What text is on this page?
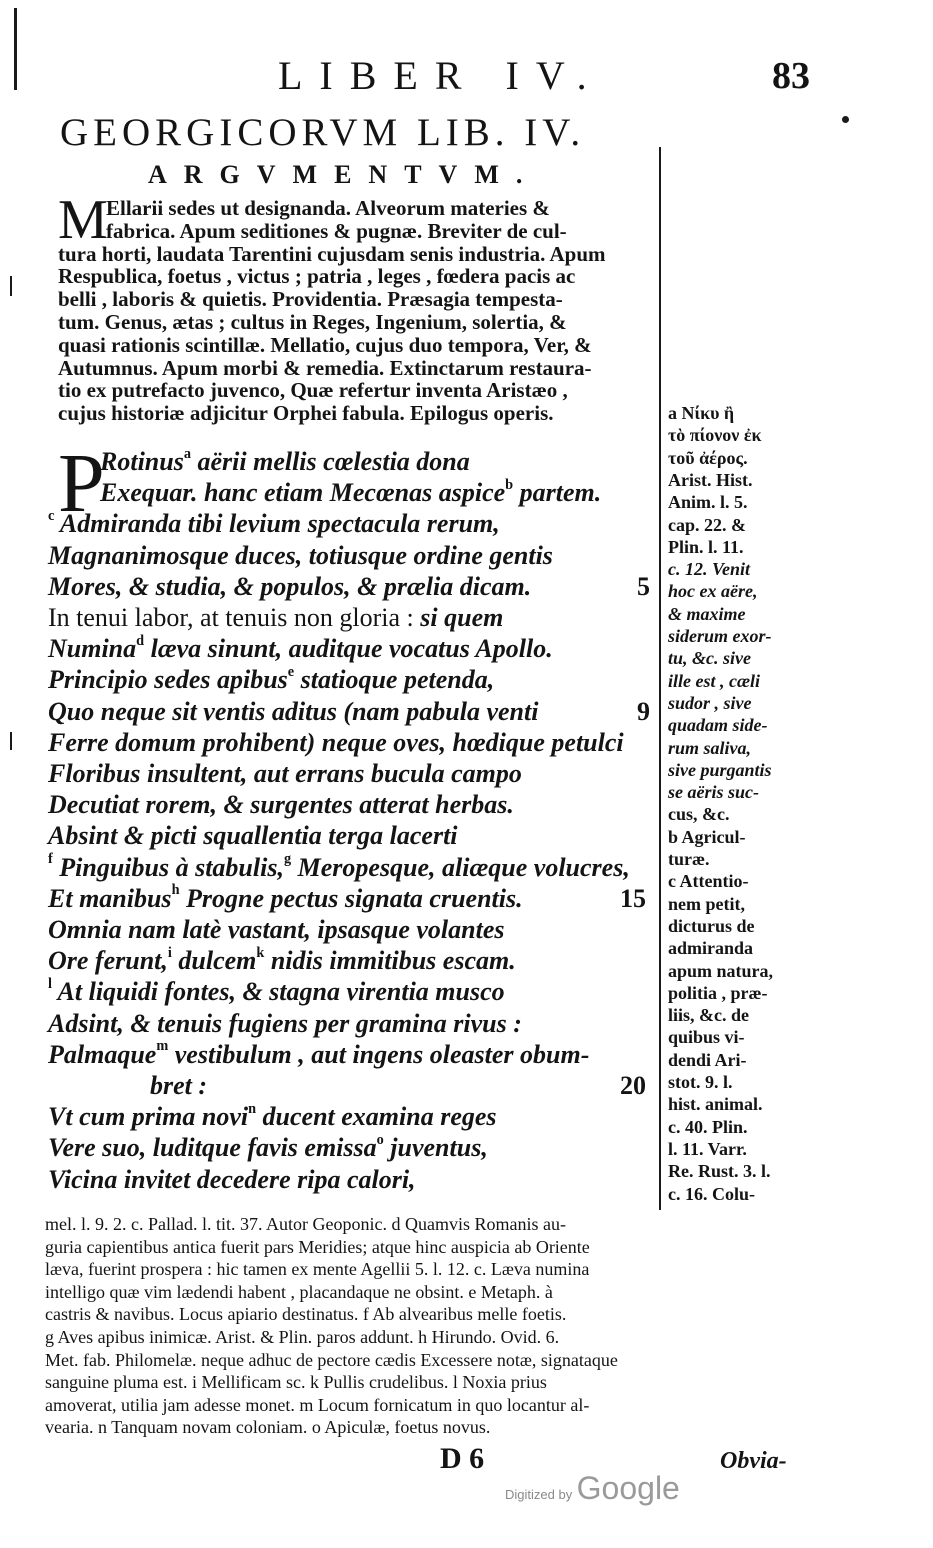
LIBER IV.	83
GEORGICORVM LIB. IV.
ARGVMENTVM.
M
Ellarii sedes ut designanda. Alveorum materies &
fabrica. Apum seditiones & pugnæ. Breviter de cul-
tura horti, laudata Tarentini cujusdam senis industria. Apum
Respublica, foetus , victus ; patria , leges , fœdera pacis ac
belli , laboris & quietis. Providentia. Præsagia tempesta-
tum. Genus, ætas ; cultus in Reges, Ingenium, solertia, &
quasi rationis scintillæ. Mellatio, cujus duo tempora, Ver, &
Autumnus. Apum morbi & remedia. Extinctarum restaura-
tio ex putrefacto juvenco, Quæ refertur inventa Aristæo ,
cujus historiæ adjicitur Orphei fabula. Epilogus operis.
P
Rotinus$^a$ aërii mellis cœlestia dona
Exequar. hanc etiam Mecœnas aspice$^b$ partem.
$^c$ Admiranda tibi levium spectacula rerum,
Magnanimosque duces, totiusque ordine gentis
Mores, & studia, & populos, & prælia dicam.	5
In tenui labor, at tenuis non gloria : si quem
Numina$^d$ læva sinunt, auditque vocatus Apollo.
Principio sedes apibus$^e$ statioque petenda,
Quo neque sit ventis aditus (nam pabula venti	9
Ferre domum prohibent) neque oves, hœdique petulci
Floribus insultent, aut errans bucula campo
Decutiat rorem, & surgentes atterat herbas.
Absint & picti squallentia terga lacerti
$^f$ Pinguibus à stabulis,$^g$ Meropesque, aliæque volucres,
Et manibus$^h$ Progne pectus signata cruentis.	15
Omnia nam latè vastant, ipsasque volantes
Ore ferunt,$^i$ dulcem$^k$ nidis immitibus escam.
$^l$ At liquidi fontes, & stagna virentia musco
Adsint, & tenuis fugiens per gramina rivus :
Palmaque$^m$ vestibulum , aut ingens oleaster obum-
bret :	20
Vt cum prima novi$^n$ ducent examina reges
Vere suo, luditque favis emissa$^o$ juventus,
Vicina invitet decedere ripa calori,
a Νίκυ ἢ
τὸ πίονον ἐκ
τοῦ ἀέρος.
Arist. Hist.
Anim. l. 5.
cap. 22. &
Plin. l. 11.
c. 12. Venit
hoc ex aëre,
& maxime
siderum exor-
tu, &c. sive
ille est , cæli
sudor , sive
quadam side-
rum saliva,
sive purgantis
se aëris suc-
cus, &c.
b Agricul-
turæ.
c Attentio-
nem petit,
dicturus de
admiranda
apum natura,
politia , præ-
liis, &c. de
quibus vi-
dendi Ari-
stot. 9. l.
hist. animal.
c. 40. Plin.
l. 11. Varr.
Re. Rust. 3. l.
c. 16. Colu-
mel. l. 9. 2. c. Pallad. l. tit. 37. Autor Geoponic. d Quamvis Romanis au-
guria capientibus antica fuerit pars Meridies; atque hinc auspicia ab Oriente
læva, fuerint prospera : hic tamen ex mente Agellii 5. l. 12. c. Læva numina
intelligo quæ vim lædendi habent , placandaque ne obsint. e Metaph. à
castris & navibus. Locus apiario destinatus. f Ab alvearibus melle foetis.
g Aves apibus inimicæ. Arist. & Plin. paros addunt. h Hirundo. Ovid. 6.
Met. fab. Philomelæ. neque adhuc de pectore cædis Excessere notæ, signataque
sanguine pluma est. i Mellificam sc. k Pullis crudelibus. l Noxia prius
amoverat, utilia jam adesse monet. m Locum fornicatum in quo locantur al-
vearia. n Tanquam novam coloniam. o Apiculæ, foetus novus.
D 6	Obvia-
Digitized by Google
